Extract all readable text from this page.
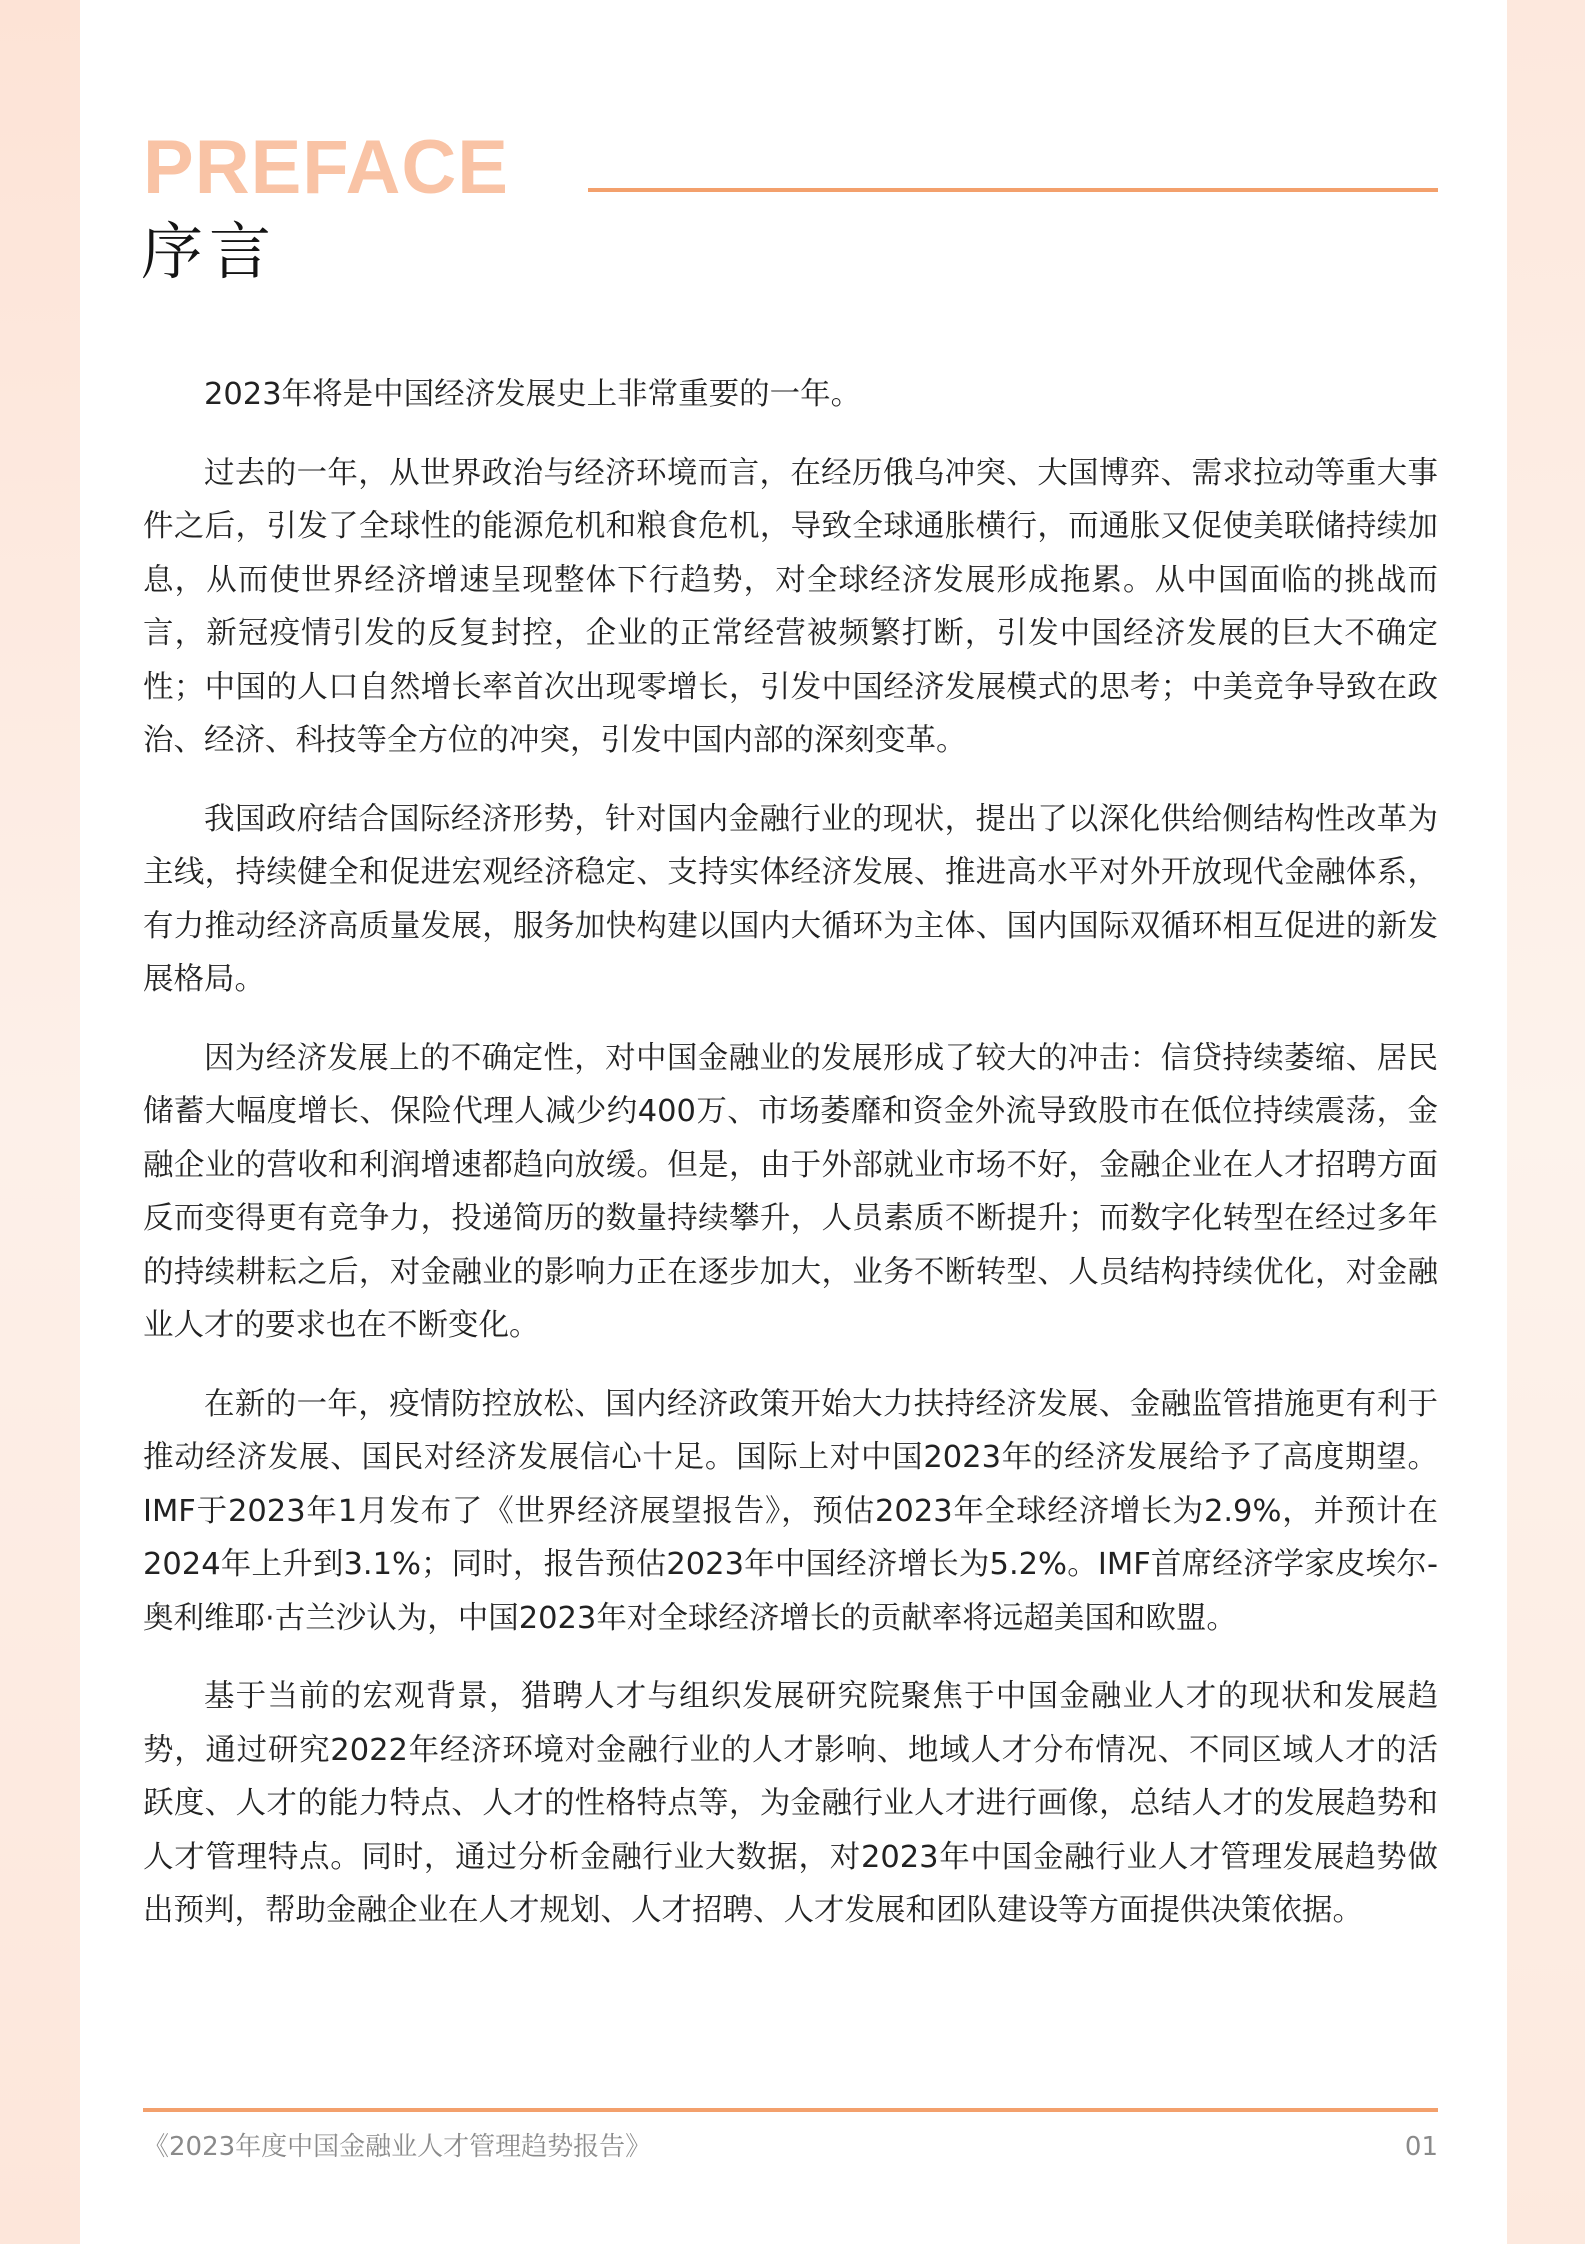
PREFACE
序言

2023年将是中国经济发展史上非常重要的一年。

过去的一年，从世界政治与经济环境而言，在经历俄乌冲突、大国博弈、需求拉动等重大事件之后，引发了全球性的能源危机和粮食危机，导致全球通胀横行，而通胀又促使美联储持续加息，从而使世界经济增速呈现整体下行趋势，对全球经济发展形成拖累。从中国面临的挑战而言，新冠疫情引发的反复封控，企业的正常经营被频繁打断，引发中国经济发展的巨大不确定性；中国的人口自然增长率首次出现零增长，引发中国经济发展模式的思考；中美竞争导致在政治、经济、科技等全方位的冲突，引发中国内部的深刻变革。

我国政府结合国际经济形势，针对国内金融行业的现状，提出了以深化供给侧结构性改革为主线，持续健全和促进宏观经济稳定、支持实体经济发展、推进高水平对外开放现代金融体系， 有力推动经济高质量发展，服务加快构建以国内大循环为主体、国内国际双循环相互促进的新发展格局。

因为经济发展上的不确定性，对中国金融业的发展形成了较大的冲击：信贷持续萎缩、居民储蓄大幅度增长、保险代理人减少约400万、市场萎靡和资金外流导致股市在低位持续震荡，金融企业的营收和利润增速都趋向放缓。但是，由于外部就业市场不好，金融企业在人才招聘方面反而变得更有竞争力，投递简历的数量持续攀升，人员素质不断提升；而数字化转型在经过多年的持续耕耘之后，对金融业的影响力正在逐步加大，业务不断转型、人员结构持续优化，对金融业人才的要求也在不断变化。

在新的一年，疫情防控放松、国内经济政策开始大力扶持经济发展、金融监管措施更有利于推动经济发展、国民对经济发展信心十足。国际上对中国2023年的经济发展给予了高度期望。IMF于2023年1月发布了《世界经济展望报告》，预估2023年全球经济增长为2.9%，并预计在2024年上升到3.1%；同时，报告预估2023年中国经济增长为5.2%。IMF首席经济学家皮埃尔-奥利维耶·古兰沙认为，中国2023年对全球经济增长的贡献率将远超美国和欧盟。

基于当前的宏观背景，猎聘人才与组织发展研究院聚焦于中国金融业人才的现状和发展趋势，通过研究2022年经济环境对金融行业的人才影响、地域人才分布情况、不同区域人才的活跃度、人才的能力特点、人才的性格特点等，为金融行业人才进行画像，总结人才的发展趋势和人才管理特点。同时，通过分析金融行业大数据，对2023年中国金融行业人才管理发展趋势做出预判，帮助金融企业在人才规划、人才招聘、人才发展和团队建设等方面提供决策依据。

《2023年度中国金融业人才管理趋势报告》	01
